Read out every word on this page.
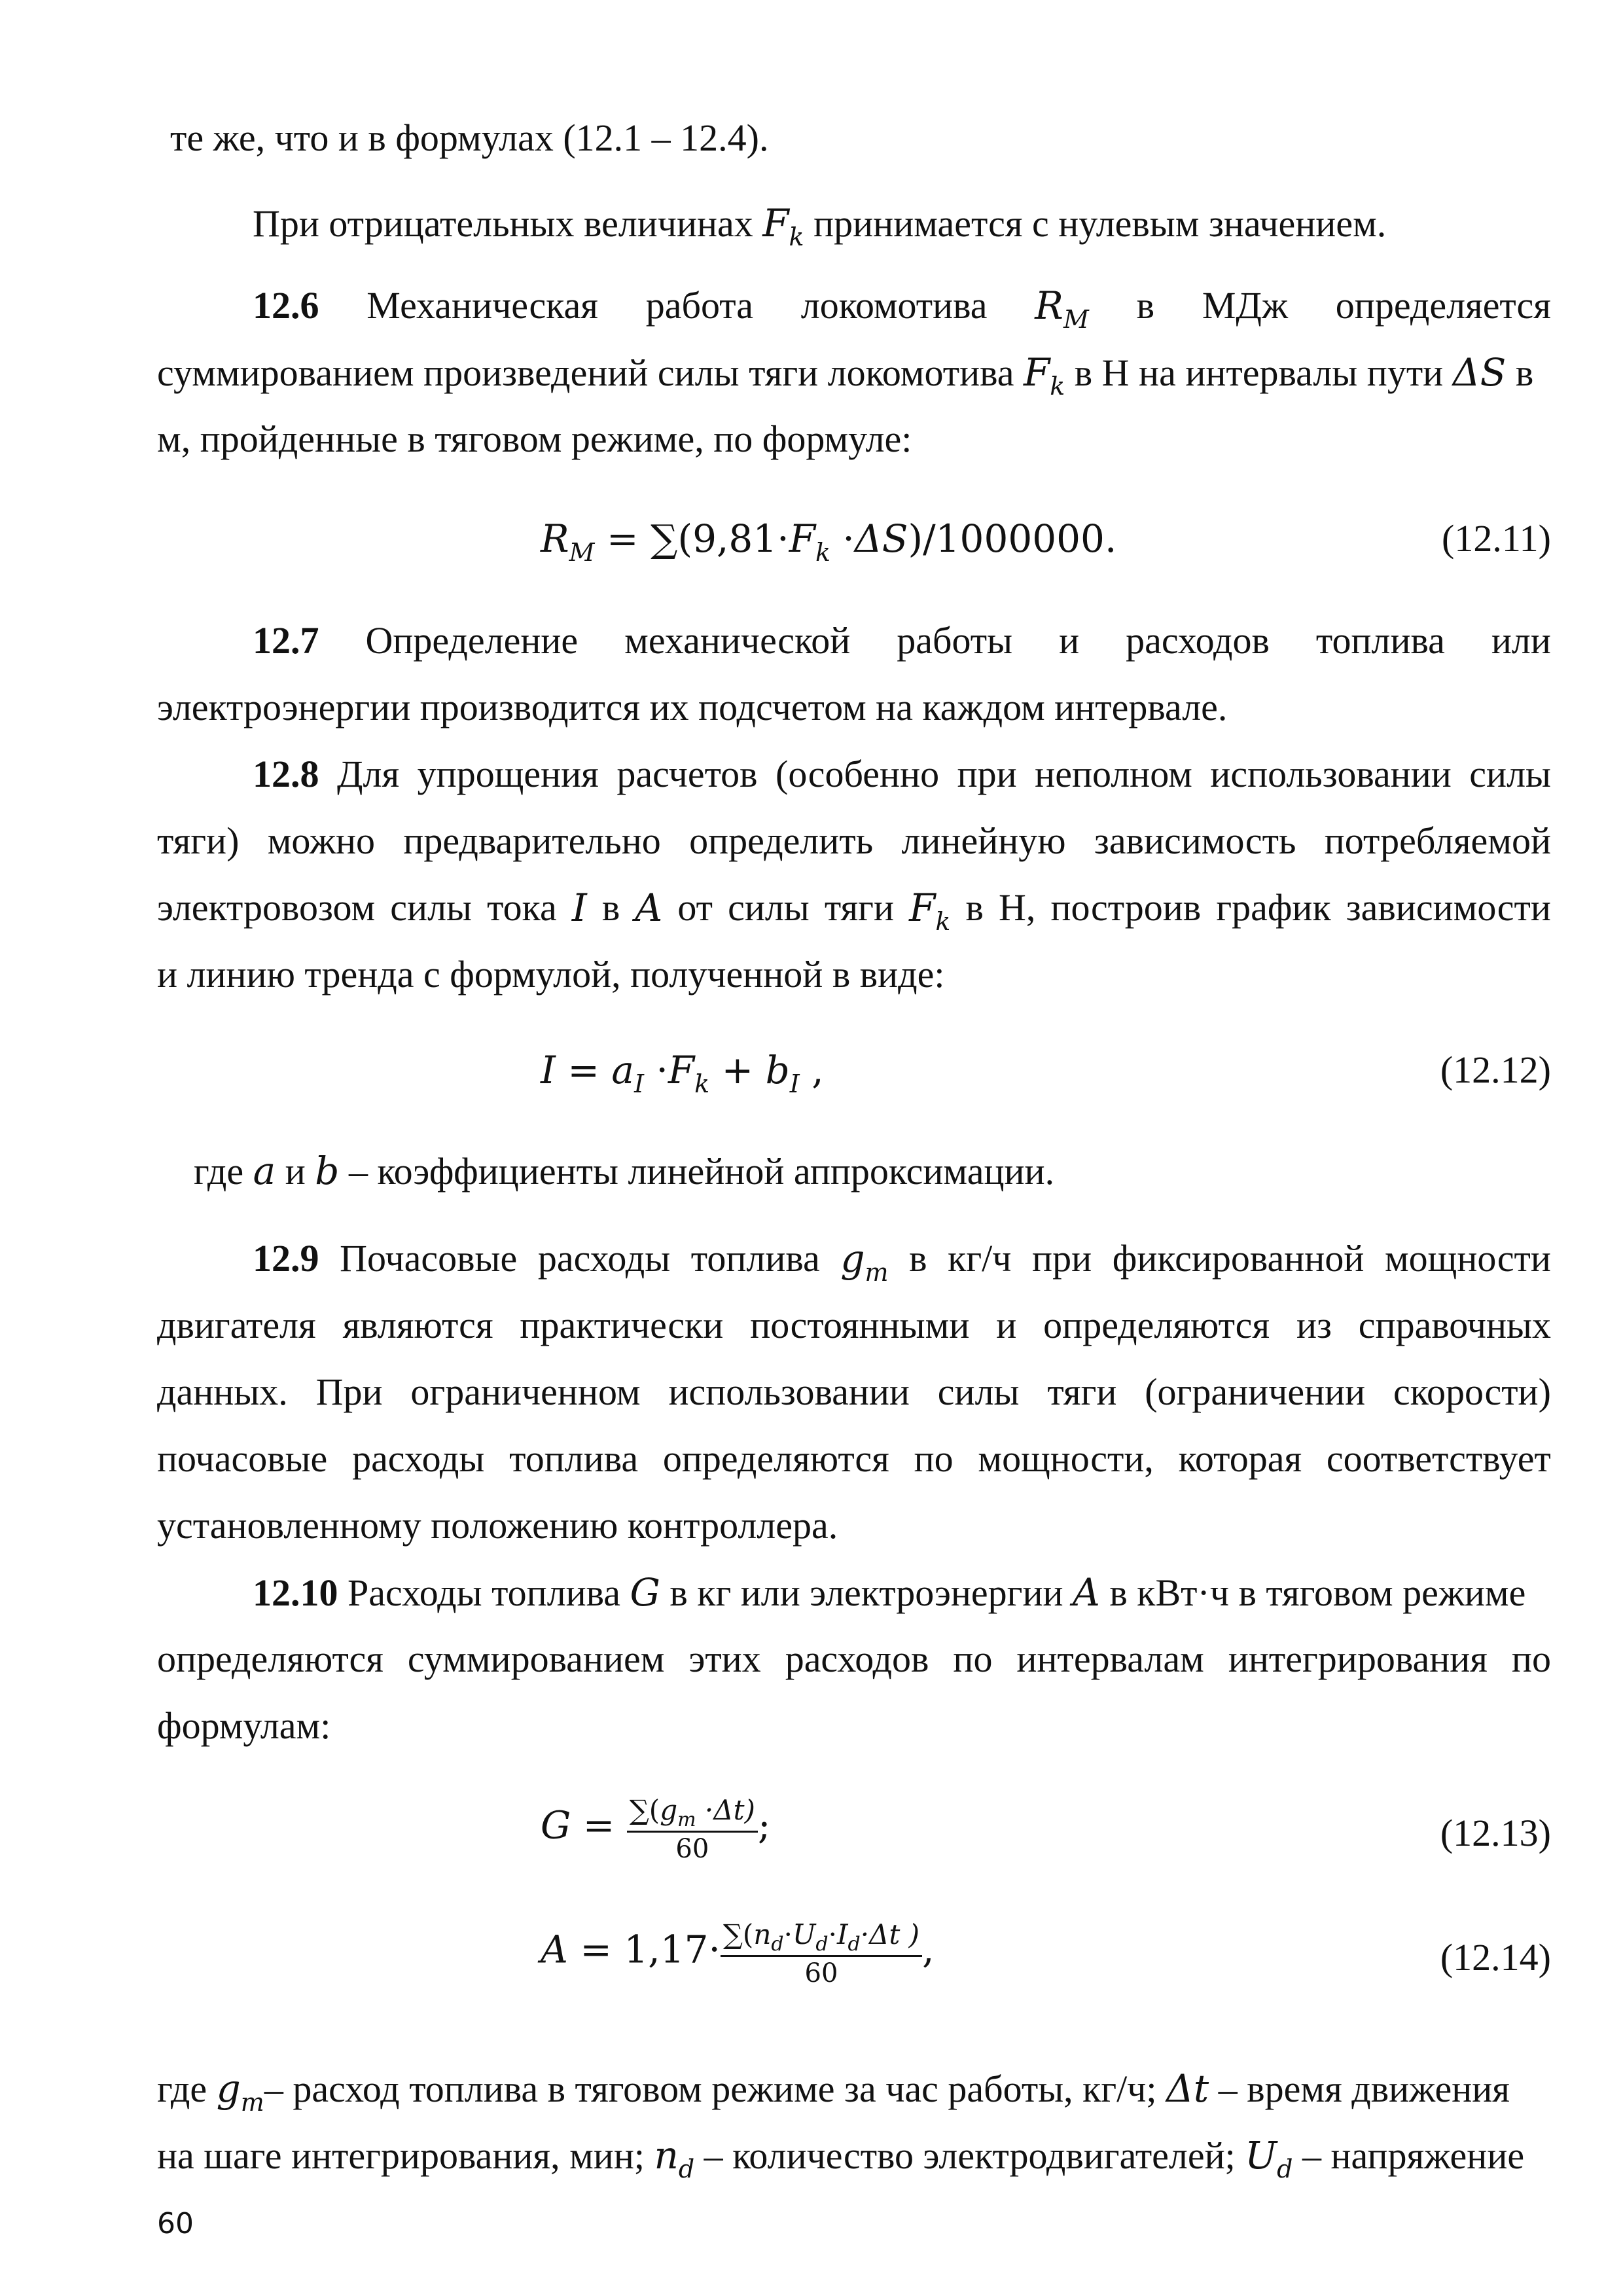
те же, что и в формулах (12.1 – 12.4).
При отрицательных величинах $F_k$ принимается с нулевым значением.
12.6 Механическая работа локомотива $R_M$ в МДж определяется
суммированием произведений силы тяги локомотива $F_k$ в Н на интервалы пути ΔS в
м, пройденные в тяговом режиме, по формуле:
$R_M = \sum(9,81\cdot F_k \cdot\Delta S)/1000000$.	(12.11)
12.7 Определение механической работы и расходов топлива или
электроэнергии производится их подсчетом на каждом интервале.
12.8 Для упрощения расчетов (особенно при неполном использовании силы
тяги) можно предварительно определить линейную зависимость потребляемой
электровозом силы тока I в A от силы тяги $F_k$ в Н, построив график зависимости
и линию тренда с формулой, полученной в виде:
$I = a_I \cdot F_k + b_I$ ,	(12.12)
где a и b – коэффициенты линейной аппроксимации.
12.9 Почасовые расходы топлива $g_m$ в кг/ч при фиксированной мощности
двигателя являются практически постоянными и определяются из справочных
данных. При ограниченном использовании силы тяги (ограничении скорости)
почасовые расходы топлива определяются по мощности, которая соответствует
установленному положению контроллера.
12.10 Расходы топлива G в кг или электроэнергии A в кВт·ч в тяговом режиме
определяются суммированием этих расходов по интервалам интегрирования по
формулам:
$G = \frac{\sum(g_m \cdot\Delta t)}{60}$ ;	(12.13)
$A = 1,17\cdot \frac{\sum(n_d\cdot U_d\cdot I_d\cdot\Delta t )}{60}$ ,	(12.14)
где $g_m-$ расход топлива в тяговом режиме за час работы, кг/ч; Δt – время движения
на шаге интегрирования, мин; $n_d$ – количество электродвигателей; $U_d$ – напряжение
60
